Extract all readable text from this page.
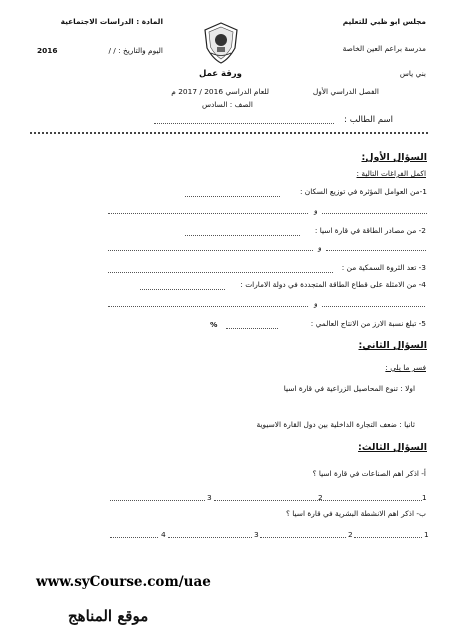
مجلس ابو ظبي للتعليم
مدرسة براعم العين الخاصة
بني ياس
المادة : الدراسات الاجتماعية
اليوم والتاريخ : / /
2016
ورقة عمل
الفصل الدراسي الأول
للعام الدراسي 2016 / 2017 م
الصف : السادس
اسم الطالب :
السؤال الأول:
اكمل الفراغات التالية :
1-من العوامل المؤثرة في توزيع السكان :
و
2- من مصادر الطاقة في قارة اسيا :
و
3- تعد الثروة السمكية من :
4- من الامثلة على قطاع الطاقة المتجددة في دولة الامارات :
و
5- تبلغ نسبة الارز من الانتاج العالمي :
%
السؤال الثاني:
فسر ما يلي :
اولا : تنوع المحاصيل الزراعية في قارة اسيا
ثانيا : ضعف التجارة الداخلية بين دول القارة الاسيوية
السؤال الثالث:
أ- اذكر اهم الصناعات في قارة اسيا ؟
1
2
3
ب- اذكر اهم الانشطة البشرية في قارة اسيا ؟
1
2
3
4
www.syCourse.com/uae
موقع المناهج
